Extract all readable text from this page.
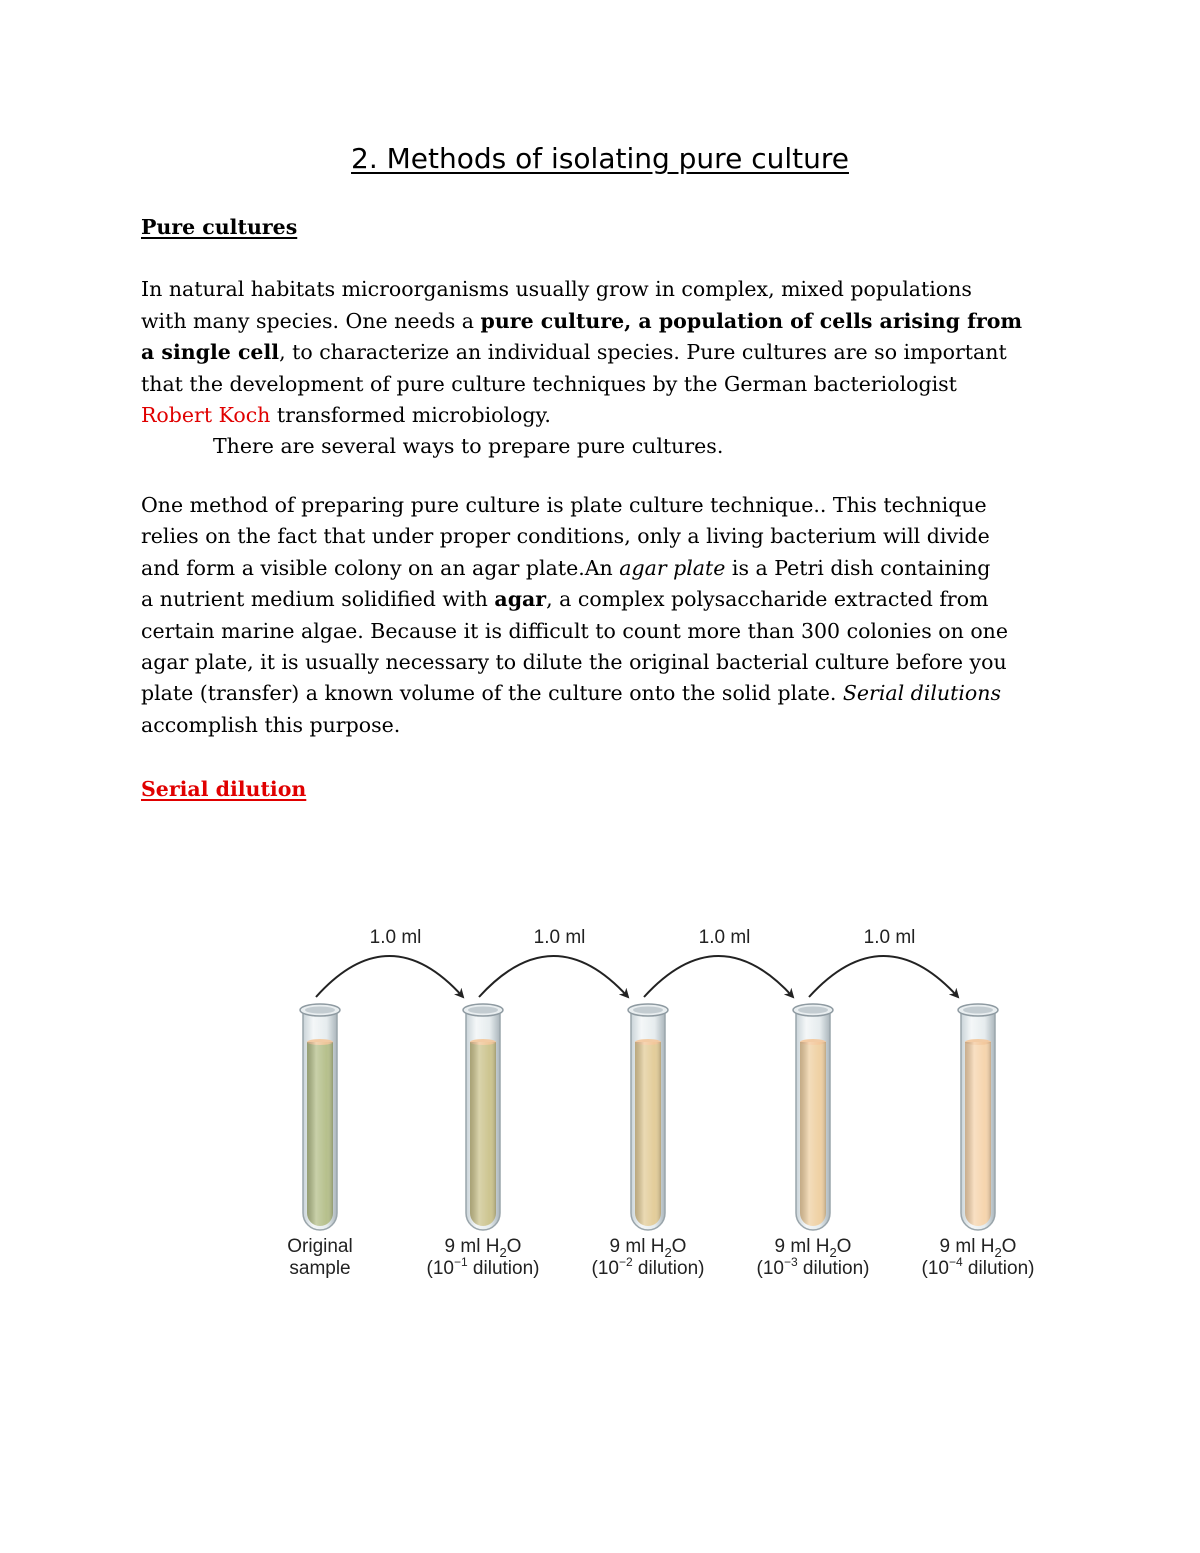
2. Methods of isolating pure culture
Pure cultures
In natural habitats microorganisms usually grow in complex, mixed populations
with many species. One needs a pure culture, a population of cells arising from
a single cell, to characterize an individual species. Pure cultures are so important
that the development of pure culture techniques by the German bacteriologist
Robert Koch transformed microbiology.
There are several ways to prepare pure cultures.
One method of preparing pure culture is plate culture technique.. This technique
relies on the fact that under proper conditions, only a living bacterium will divide
and form a visible colony on an agar plate.An agar plate is a Petri dish containing
a nutrient medium solidified with agar, a complex polysaccharide extracted from
certain marine algae. Because it is difficult to count more than 300 colonies on one
agar plate, it is usually necessary to dilute the original bacterial culture before you
plate (transfer) a known volume of the culture onto the solid plate. Serial dilutions
accomplish this purpose.
Serial dilution
1.0 ml	1.0 ml	1.0 ml	1.0 ml
Original
sample
9 ml $H_2O$
($10^{-1}$ dilution)
9 ml $H_2O$
($10^{-2}$ dilution)
9 ml $H_2O$
($10^{-3}$ dilution)
9 ml $H_2O$
($10^{-4}$ dilution)
